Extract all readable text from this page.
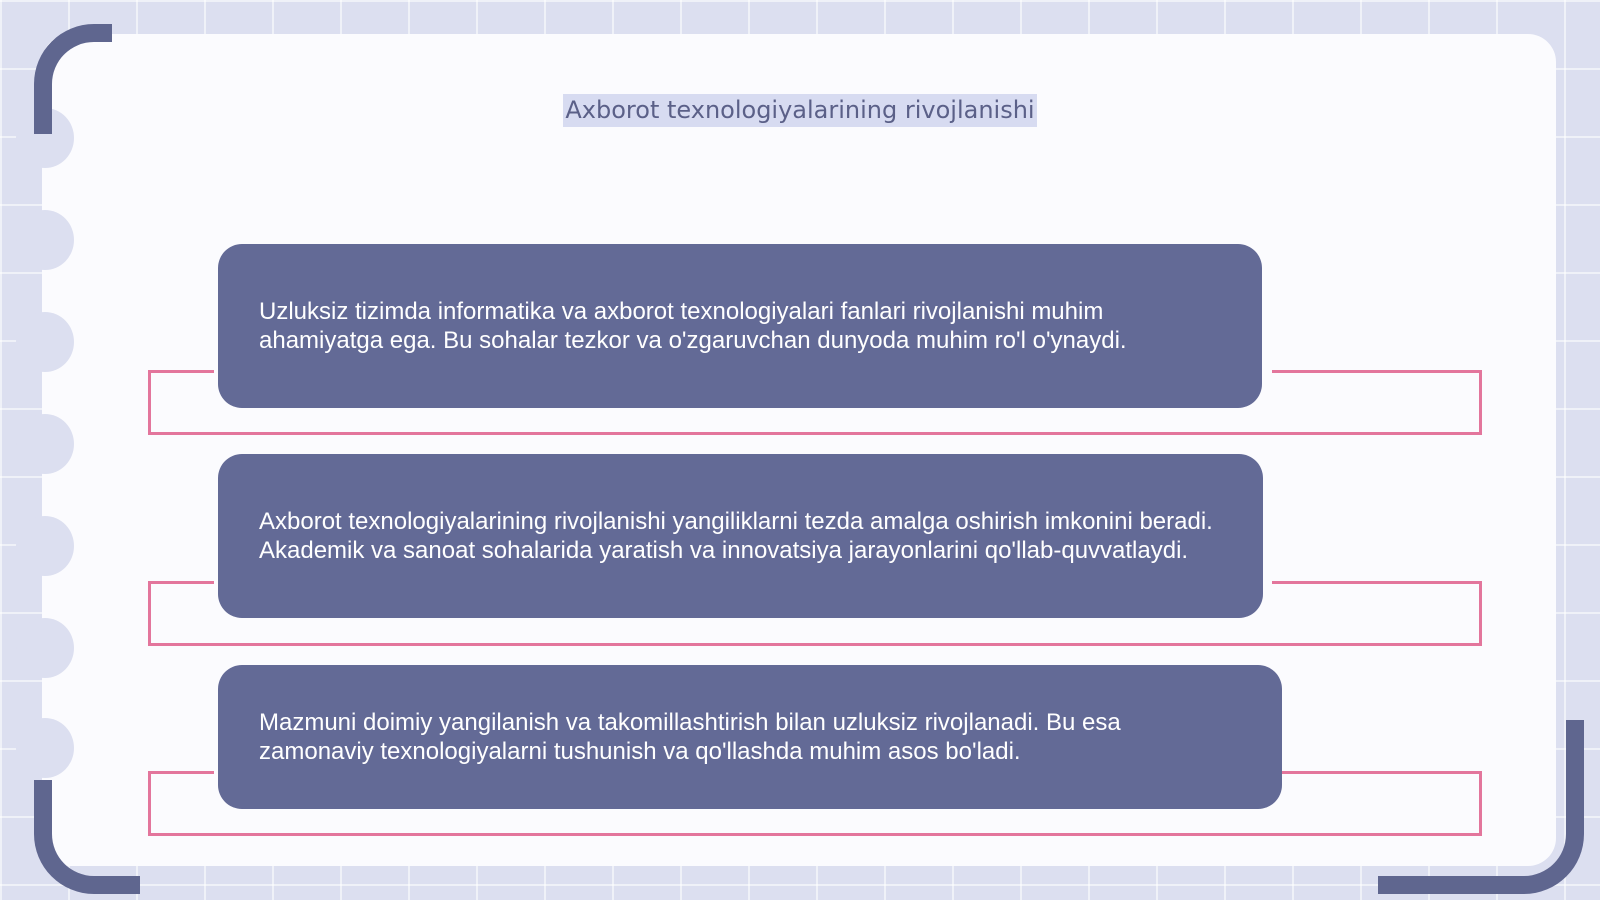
Axborot texnologiyalarining rivojlanishi

Uzluksiz tizimda informatika va axborot texnologiyalari fanlari rivojlanishi muhim ahamiyatga ega. Bu sohalar tezkor va o'zgaruvchan dunyoda muhim ro'l o'ynaydi.

Axborot texnologiyalarining rivojlanishi yangiliklarni tezda amalga oshirish imkonini beradi. Akademik va sanoat sohalarida yaratish va innovatsiya jarayonlarini qo'llab-quvvatlaydi.

Mazmuni doimiy yangilanish va takomillashtirish bilan uzluksiz rivojlanadi. Bu esa zamonaviy texnologiyalarni tushunish va qo'llashda muhim asos bo'ladi.
